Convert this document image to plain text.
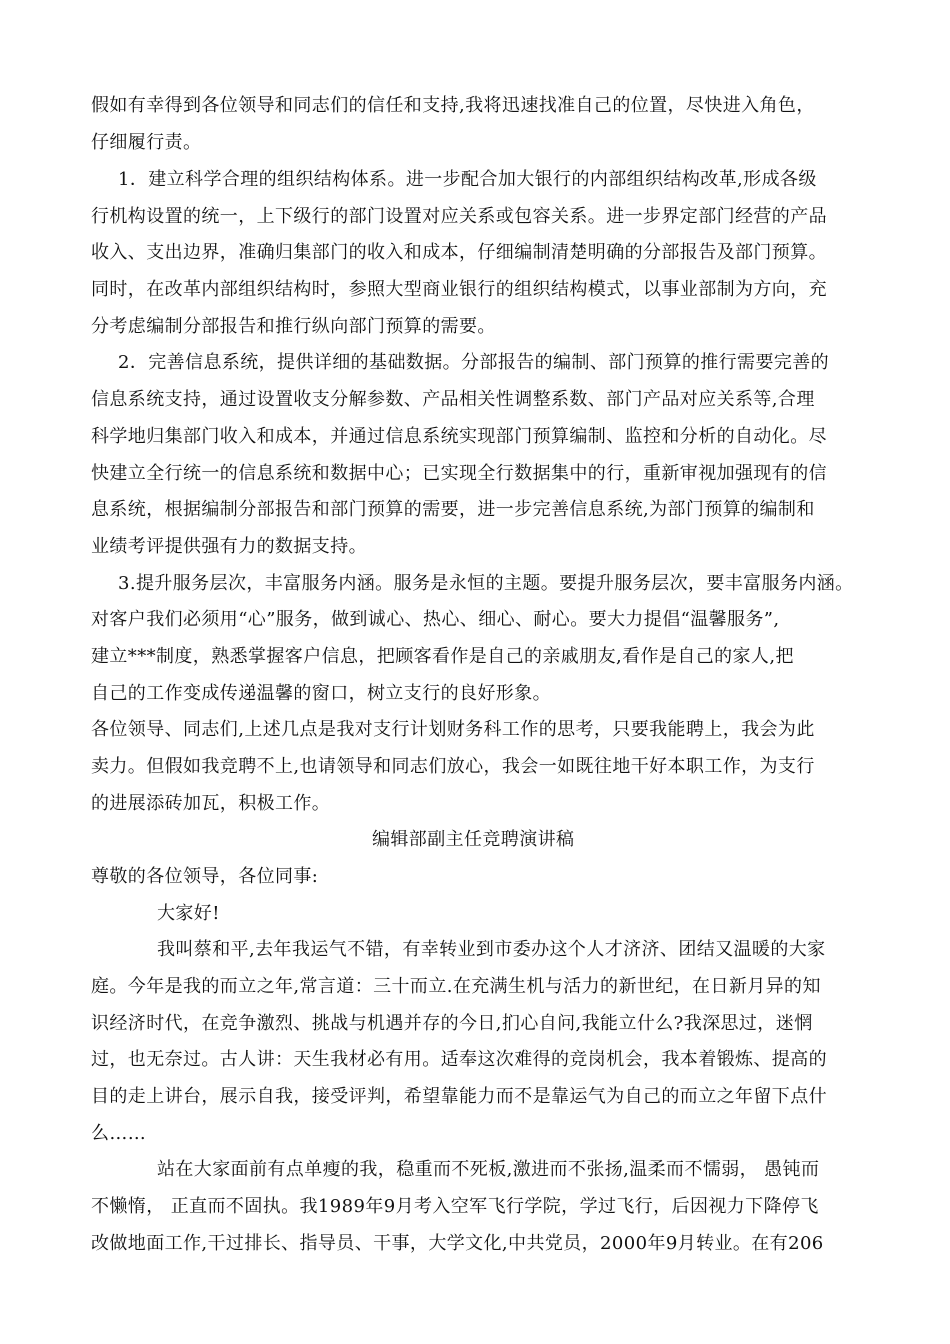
假如有幸得到各位领导和同志们的信任和支持,我将迅速找准自己的位置，尽快进入角色，
仔细履行责。
1．建立科学合理的组织结构体系。进一步配合加大银行的内部组织结构改革,形成各级
行机构设置的统一，上下级行的部门设置对应关系或包容关系。进一步界定部门经营的产品
收入、支出边界，准确归集部门的收入和成本，仔细编制清楚明确的分部报告及部门预算。
同时，在改革内部组织结构时，参照大型商业银行的组织结构模式，以事业部制为方向，充
分考虑编制分部报告和推行纵向部门预算的需要。
2．完善信息系统，提供详细的基础数据。分部报告的编制、部门预算的推行需要完善的
信息系统支持，通过设置收支分解参数、产品相关性调整系数、部门产品对应关系等,合理
科学地归集部门收入和成本，并通过信息系统实现部门预算编制、监控和分析的自动化。尽
快建立全行统一的信息系统和数据中心；已实现全行数据集中的行，重新审视加强现有的信
息系统，根据编制分部报告和部门预算的需要，进一步完善信息系统,为部门预算的编制和
业绩考评提供强有力的数据支持。
3.提升服务层次，丰富服务内涵。服务是永恒的主题。要提升服务层次，要丰富服务内涵。
对客户我们必须用“心”服务，做到诚心、热心、细心、耐心。要大力提倡“温馨服务”,
建立***制度，熟悉掌握客户信息，把顾客看作是自己的亲戚朋友,看作是自己的家人,把
自己的工作变成传递温馨的窗口，树立支行的良好形象。
各位领导、同志们,上述几点是我对支行计划财务科工作的思考，只要我能聘上，我会为此
卖力。但假如我竞聘不上,也请领导和同志们放心，我会一如既往地干好本职工作，为支行
的进展添砖加瓦，积极工作。
编辑部副主任竞聘演讲稿
尊敬的各位领导，各位同事:
大家好!
我叫蔡和平,去年我运气不错，有幸转业到市委办这个人才济济、团结又温暖的大家
庭。今年是我的而立之年,常言道：三十而立.在充满生机与活力的新世纪，在日新月异的知
识经济时代，在竞争激烈、挑战与机遇并存的今日,扪心自问,我能立什么?我深思过，迷惘
过，也无奈过。古人讲：天生我材必有用。适奉这次难得的竞岗机会，我本着锻炼、提高的
目的走上讲台，展示自我，接受评判，希望靠能力而不是靠运气为自己的而立之年留下点什
么……
站在大家面前有点单瘦的我，稳重而不死板,激进而不张扬,温柔而不懦弱， 愚钝而
不懒惰， 正直而不固执。我1989年9月考入空军飞行学院，学过飞行，后因视力下降停飞
改做地面工作,干过排长、指导员、干事，大学文化,中共党员，2000年9月转业。在有206
